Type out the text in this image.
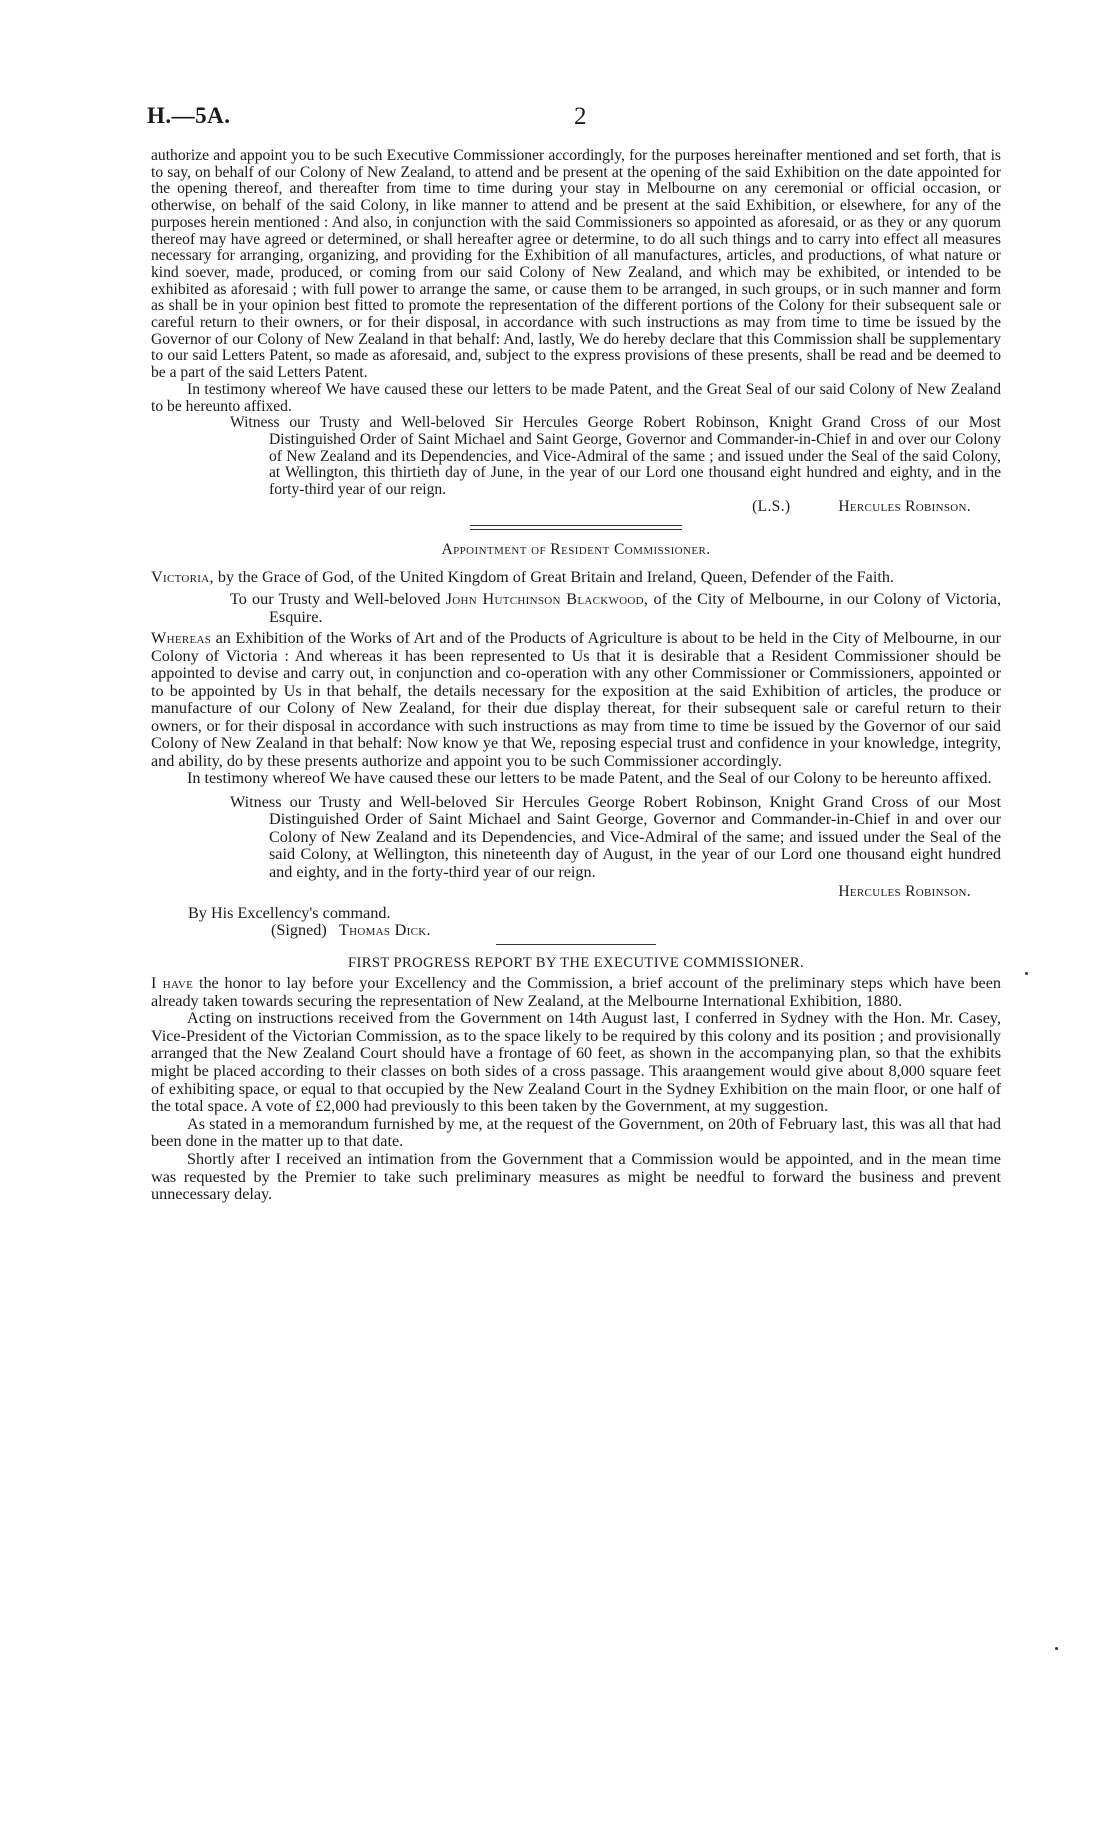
H.—5A.	2

authorize and appoint you to be such Executive Commissioner accordingly, for the purposes hereinafter mentioned and set forth, that is to say, on behalf of our Colony of New Zealand, to attend and be present at the opening of the said Exhibition on the date appointed for the opening thereof, and thereafter from time to time during your stay in Melbourne on any ceremonial or official occasion, or otherwise, on behalf of the said Colony, in like manner to attend and be present at the said Exhibition, or elsewhere, for any of the purposes herein mentioned : And also, in conjunction with the said Commissioners so appointed as aforesaid, or as they or any quorum thereof may have agreed or determined, or shall hereafter agree or determine, to do all such things and to carry into effect all measures necessary for arranging, organizing, and providing for the Exhibition of all manufactures, articles, and productions, of what nature or kind soever, made, produced, or coming from our said Colony of New Zealand, and which may be exhibited, or intended to be exhibited as aforesaid ; with full power to arrange the same, or cause them to be arranged, in such groups, or in such manner and form as shall be in your opinion best fitted to promote the representation of the different portions of the Colony for their subsequent sale or careful return to their owners, or for their disposal, in accordance with such instructions as may from time to time be issued by the Governor of our Colony of New Zealand in that behalf: And, lastly, We do hereby declare that this Commission shall be supplementary to our said Letters Patent, so made as aforesaid, and, subject to the express provisions of these presents, shall be read and be deemed to be a part of the said Letters Patent.

In testimony whereof We have caused these our letters to be made Patent, and the Great Seal of our said Colony of New Zealand to be hereunto affixed.

Witness our Trusty and Well-beloved Sir Hercules George Robert Robinson, Knight Grand Cross of our Most Distinguished Order of Saint Michael and Saint George, Governor and Commander-in-Chief in and over our Colony of New Zealand and its Dependencies, and Vice-Admiral of the same ; and issued under the Seal of the said Colony, at Wellington, this thirtieth day of June, in the year of our Lord one thousand eight hundred and eighty, and in the forty-third year of our reign.

(L.S.)	Hercules Robinson.
Appointment of Resident Commissioner.

Victoria, by the Grace of God, of the United Kingdom of Great Britain and Ireland, Queen, Defender of the Faith.

To our Trusty and Well-beloved John Hutchinson Blackwood, of the City of Melbourne, in our Colony of Victoria, Esquire.

Whereas an Exhibition of the Works of Art and of the Products of Agriculture is about to be held in the City of Melbourne, in our Colony of Victoria : And whereas it has been represented to Us that it is desirable that a Resident Commissioner should be appointed to devise and carry out, in conjunction and co-operation with any other Commissioner or Commissioners, appointed or to be appointed by Us in that behalf, the details necessary for the exposition at the said Exhibition of articles, the produce or manufacture of our Colony of New Zealand, for their due display thereat, for their subsequent sale or careful return to their owners, or for their disposal in accordance with such instructions as may from time to time be issued by the Governor of our said Colony of New Zealand in that behalf: Now know ye that We, reposing especial trust and confidence in your knowledge, integrity, and ability, do by these presents authorize and appoint you to be such Commissioner accordingly.

In testimony whereof We have caused these our letters to be made Patent, and the Seal of our Colony to be hereunto affixed.

Witness our Trusty and Well-beloved Sir Hercules George Robert Robinson, Knight Grand Cross of our Most Distinguished Order of Saint Michael and Saint George, Governor and Commander-in-Chief in and over our Colony of New Zealand and its Dependencies, and Vice-Admiral of the same; and issued under the Seal of the said Colony, at Wellington, this nineteenth day of August, in the year of our Lord one thousand eight hundred and eighty, and in the forty-third year of our reign.

Hercules Robinson.
By His Excellency's command.
(Signed) Thomas Dick.
FIRST PROGRESS REPORT BY THE EXECUTIVE COMMISSIONER.

I have the honor to lay before your Excellency and the Commission, a brief account of the preliminary steps which have been already taken towards securing the representation of New Zealand, at the Melbourne International Exhibition, 1880.

Acting on instructions received from the Government on 14th August last, I conferred in Sydney with the Hon. Mr. Casey, Vice-President of the Victorian Commission, as to the space likely to be required by this colony and its position ; and provisionally arranged that the New Zealand Court should have a frontage of 60 feet, as shown in the accompanying plan, so that the exhibits might be placed according to their classes on both sides of a cross passage. This araangement would give about 8,000 square feet of exhibiting space, or equal to that occupied by the New Zealand Court in the Sydney Exhibition on the main floor, or one half of the total space. A vote of £2,000 had previously to this been taken by the Government, at my suggestion.

As stated in a memorandum furnished by me, at the request of the Government, on 20th of February last, this was all that had been done in the matter up to that date.

Shortly after I received an intimation from the Government that a Commission would be appointed, and in the mean time was requested by the Premier to take such preliminary measures as might be needful to forward the business and prevent unnecessary delay.
